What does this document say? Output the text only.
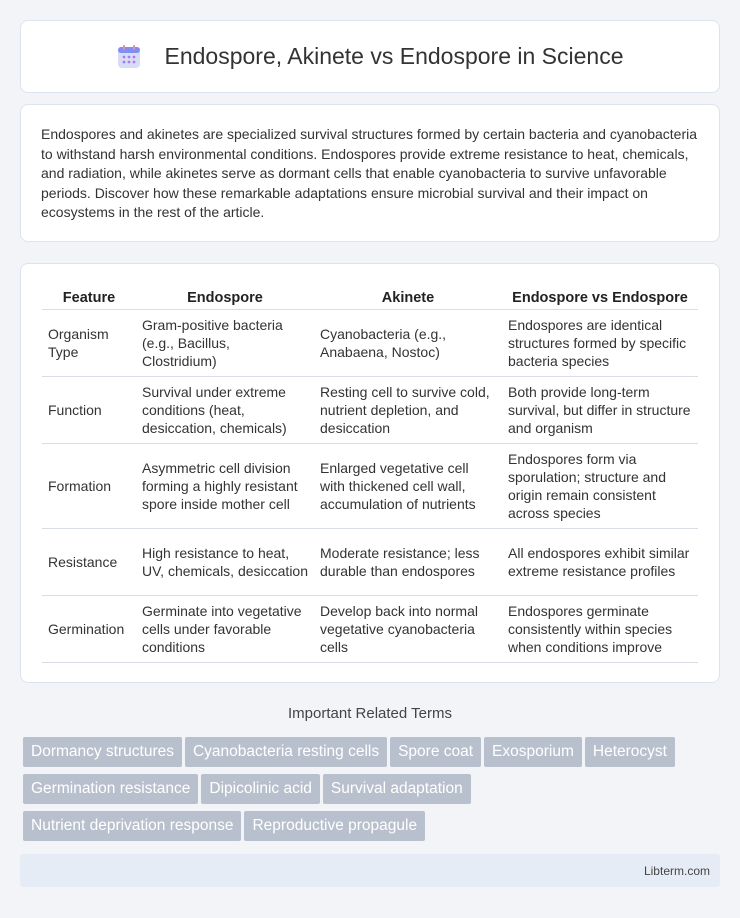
Endospore, Akinete vs Endospore in Science

Endospores and akinetes are specialized survival structures formed by certain bacteria and cyanobacteria to withstand harsh environmental conditions. Endospores provide extreme resistance to heat, chemicals, and radiation, while akinetes serve as dormant cells that enable cyanobacteria to survive unfavorable periods. Discover how these remarkable adaptations ensure microbial survival and their impact on ecosystems in the rest of the article.

Feature	Endospore	Akinete	Endospore vs Endospore
Organism Type	Gram-positive bacteria (e.g., Bacillus, Clostridium)	Cyanobacteria (e.g., Anabaena, Nostoc)	Endospores are identical structures formed by specific bacteria species
Function	Survival under extreme conditions (heat, desiccation, chemicals)	Resting cell to survive cold, nutrient depletion, and desiccation	Both provide long-term survival, but differ in structure and organism
Formation	Asymmetric cell division forming a highly resistant spore inside mother cell	Enlarged vegetative cell with thickened cell wall, accumulation of nutrients	Endospores form via sporulation; structure and origin remain consistent across species
Resistance	High resistance to heat, UV, chemicals, desiccation	Moderate resistance; less durable than endospores	All endospores exhibit similar extreme resistance profiles
Germination	Germinate into vegetative cells under favorable conditions	Develop back into normal vegetative cyanobacteria cells	Endospores germinate consistently within species when conditions improve
Important Related Terms
Dormancy structures Cyanobacteria resting cells Spore coat Exosporium Heterocyst
Germination resistance Dipicolinic acid Survival adaptation
Nutrient deprivation response Reproductive propagule
Libterm.com
